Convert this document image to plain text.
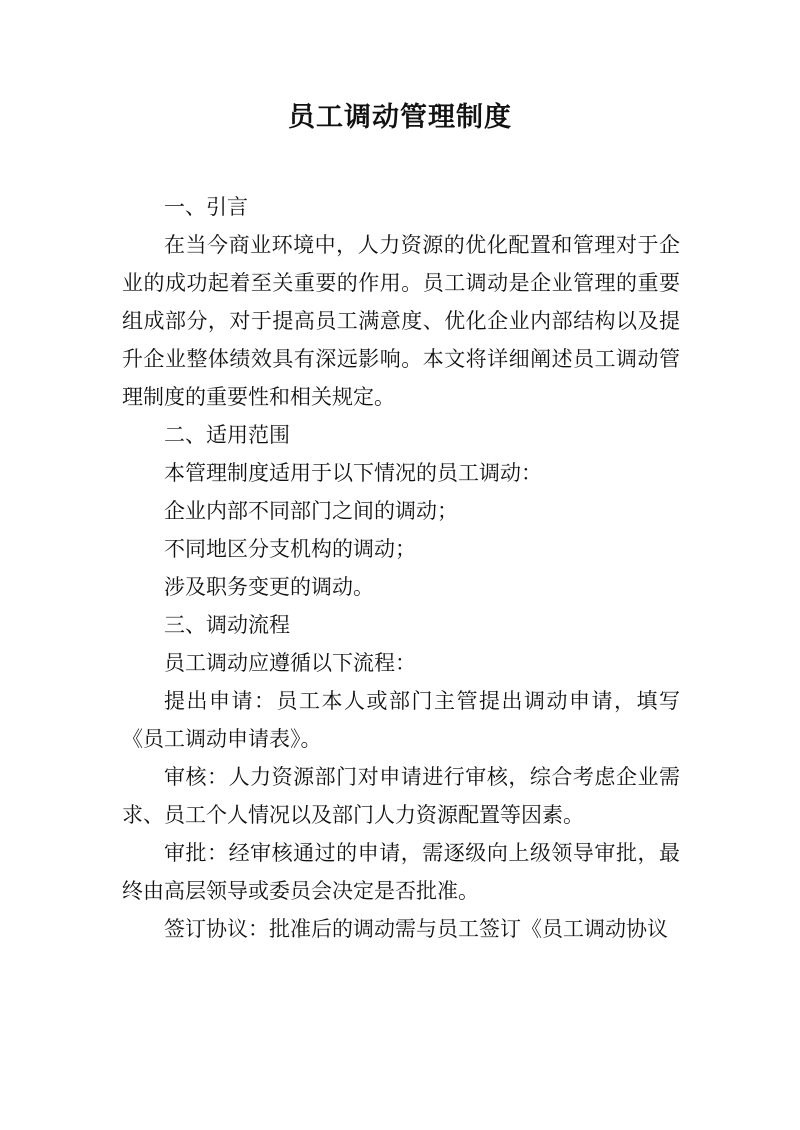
员工调动管理制度

一、引言

在当今商业环境中，人力资源的优化配置和管理对于企业的成功起着至关重要的作用。员工调动是企业管理的重要组成部分，对于提高员工满意度、优化企业内部结构以及提升企业整体绩效具有深远影响。本文将详细阐述员工调动管理制度的重要性和相关规定。

二、适用范围

本管理制度适用于以下情况的员工调动：

企业内部不同部门之间的调动；

不同地区分支机构的调动；

涉及职务变更的调动。

三、调动流程

员工调动应遵循以下流程：

提出申请：员工本人或部门主管提出调动申请，填写《员工调动申请表》。

审核：人力资源部门对申请进行审核，综合考虑企业需求、员工个人情况以及部门人力资源配置等因素。

审批：经审核通过的申请，需逐级向上级领导审批，最终由高层领导或委员会决定是否批准。

签订协议：批准后的调动需与员工签订《员工调动协议
